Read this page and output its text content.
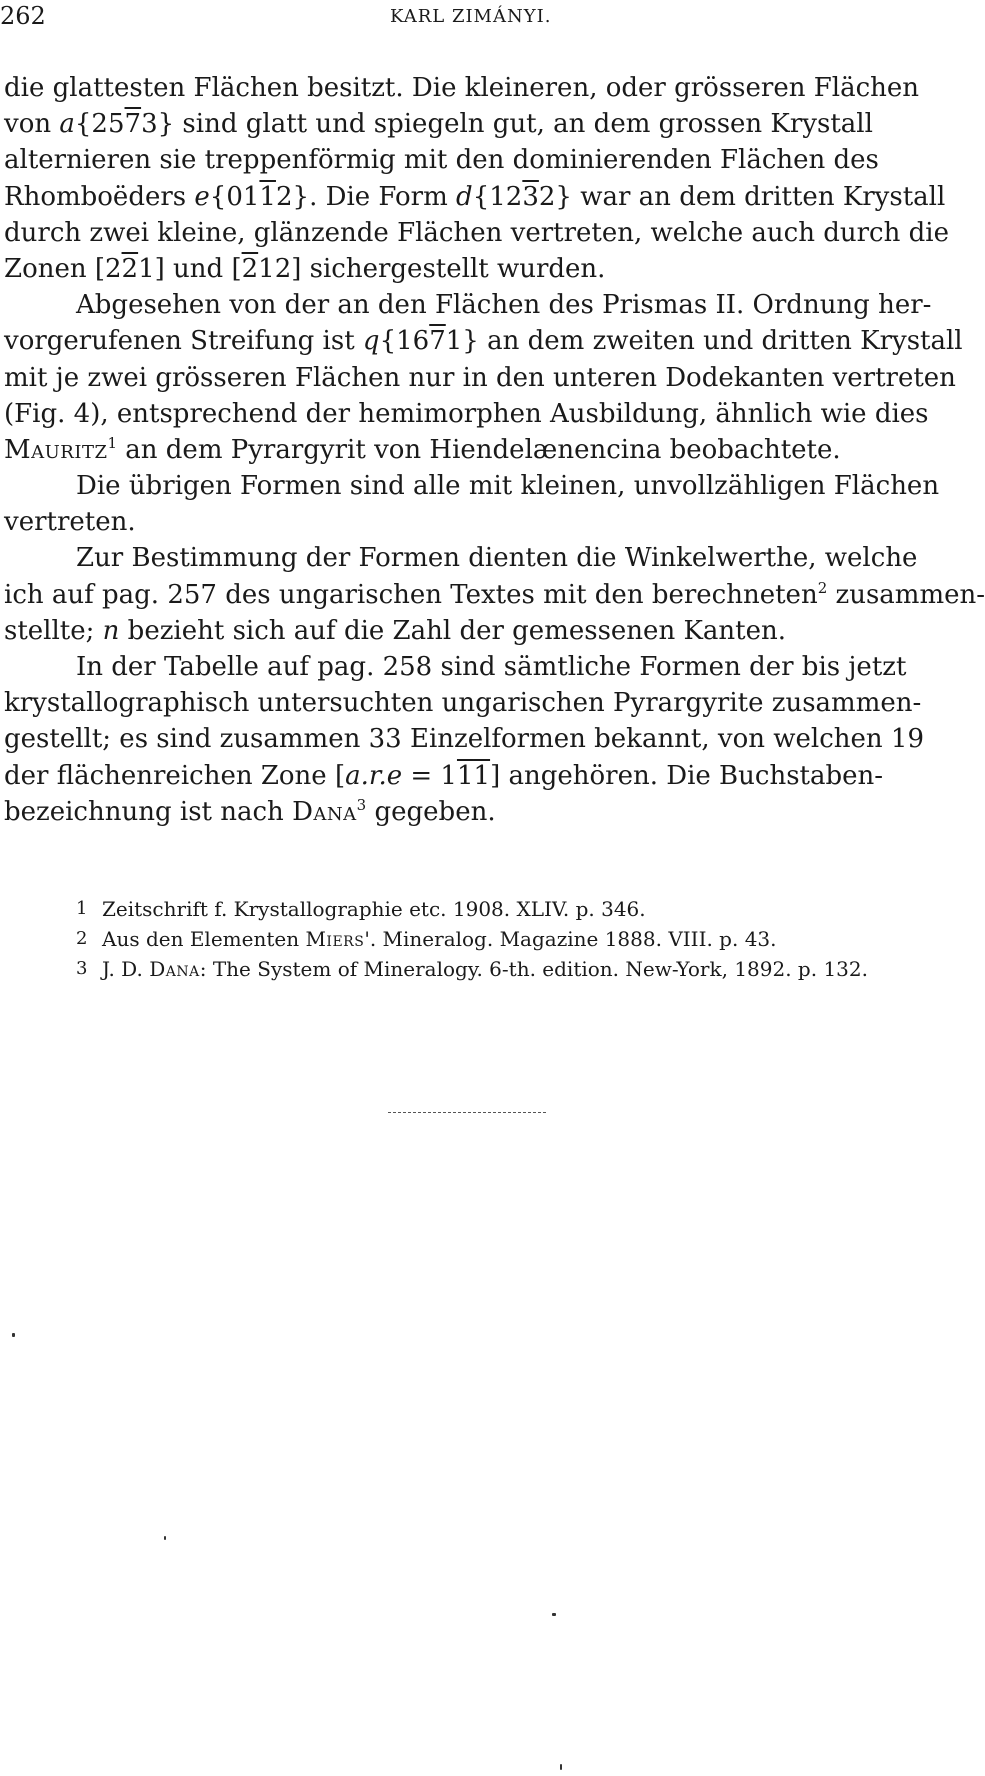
262	KARL ZIMÁNYI.
die glattesten Flächen besitzt. Die kleineren, oder grösseren Flächen
von a{2573} sind glatt und spiegeln gut, an dem grossen Krystall
alternieren sie treppenförmig mit den dominierenden Flächen des
Rhomboëders e{0112}. Die Form d{1232} war an dem dritten Krystall
durch zwei kleine, glänzende Flächen vertreten, welche auch durch die
Zonen [221] und [212] sichergestellt wurden.
Abgesehen von der an den Flächen des Prismas II. Ordnung her-
vorgerufenen Streifung ist q{1671} an dem zweiten und dritten Krystall
mit je zwei grösseren Flächen nur in den unteren Dodekanten vertreten
(Fig. 4), entsprechend der hemimorphen Ausbildung, ähnlich wie dies
Mauritz$^1$ an dem Pyrargyrit von Hiendelænencina beobachtete.
Die übrigen Formen sind alle mit kleinen, unvollzähligen Flächen
vertreten.
Zur Bestimmung der Formen dienten die Winkelwerthe, welche
ich auf pag. 257 des ungarischen Textes mit den berechneten$^2$ zusammen-
stellte; n bezieht sich auf die Zahl der gemessenen Kanten.
In der Tabelle auf pag. 258 sind sämtliche Formen der bis jetzt
krystallographisch untersuchten ungarischen Pyrargyrite zusammen-
gestellt; es sind zusammen 33 Einzelformen bekannt, von welchen 19
der flächenreichen Zone [a.r.e = 111] angehören. Die Buchstaben-
bezeichnung ist nach Dana$^3$ gegeben.
1 Zeitschrift f. Krystallographie etc. 1908. XLIV. p. 346.
2 Aus den Elementen Miers'. Mineralog. Magazine 1888. VIII. p. 43.
3 J. D. Dana: The System of Mineralogy. 6-th. edition. New-York, 1892. p. 132.
